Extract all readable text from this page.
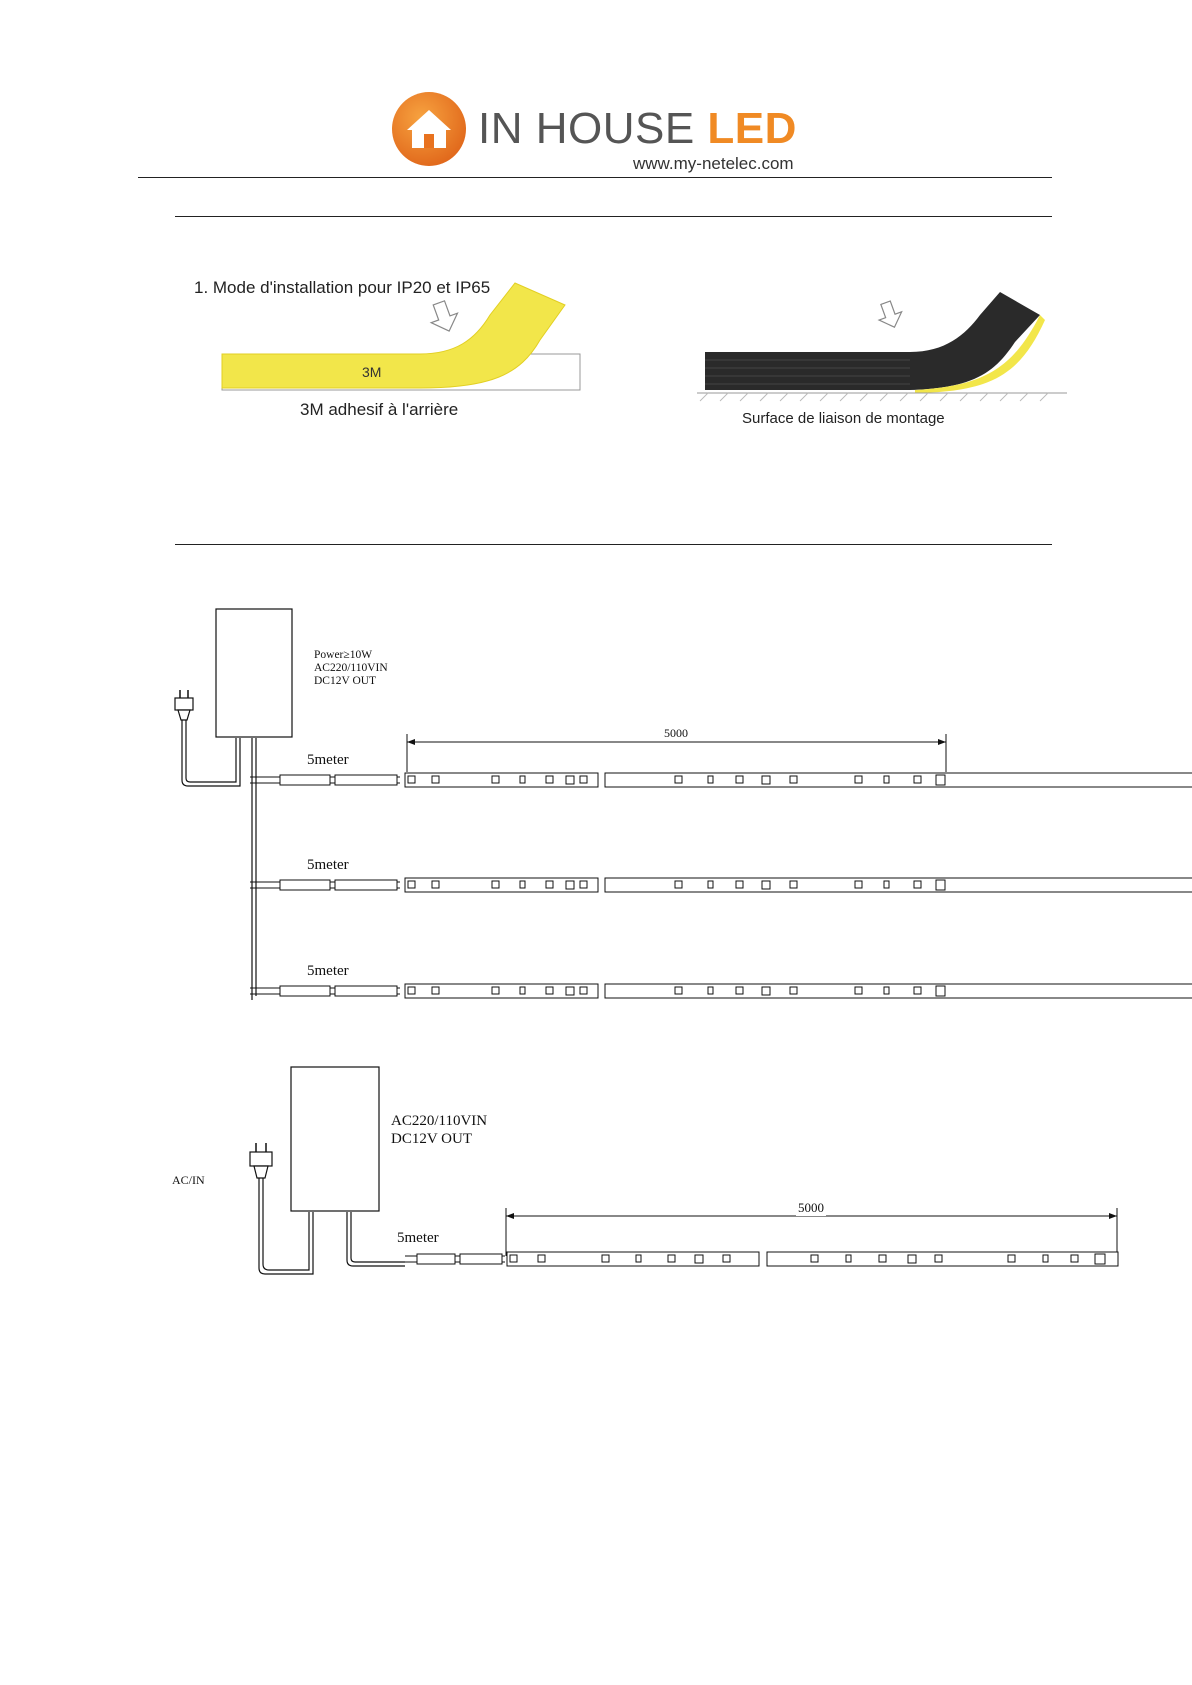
IN HOUSE LED
www.my-netelec.com
1. Mode d'installation pour IP20 et IP65
3M
3M adhesif à l'arrière	Surface de liaison de montage
Power≥10W
AC220/110VIN
DC12V OUT
5000
5meter
5meter
5meter
AC220/110VIN
DC12V OUT
AC/IN
5000
5meter
